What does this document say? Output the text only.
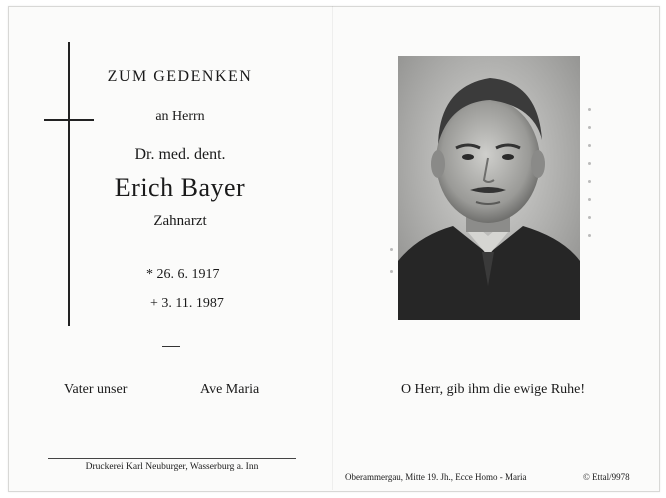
ZUM GEDENKEN
an Herrn
Dr. med. dent.
Erich Bayer
Zahnarzt
* 26. 6. 1917
+ 3. 11. 1987
Vater unser	Ave Maria
Druckerei Karl Neuburger, Wasserburg a. Inn
O Herr, gib ihm die ewige Ruhe!
Oberammergau, Mitte 19. Jh., Ecce Homo - Maria	© Ettal/9978
